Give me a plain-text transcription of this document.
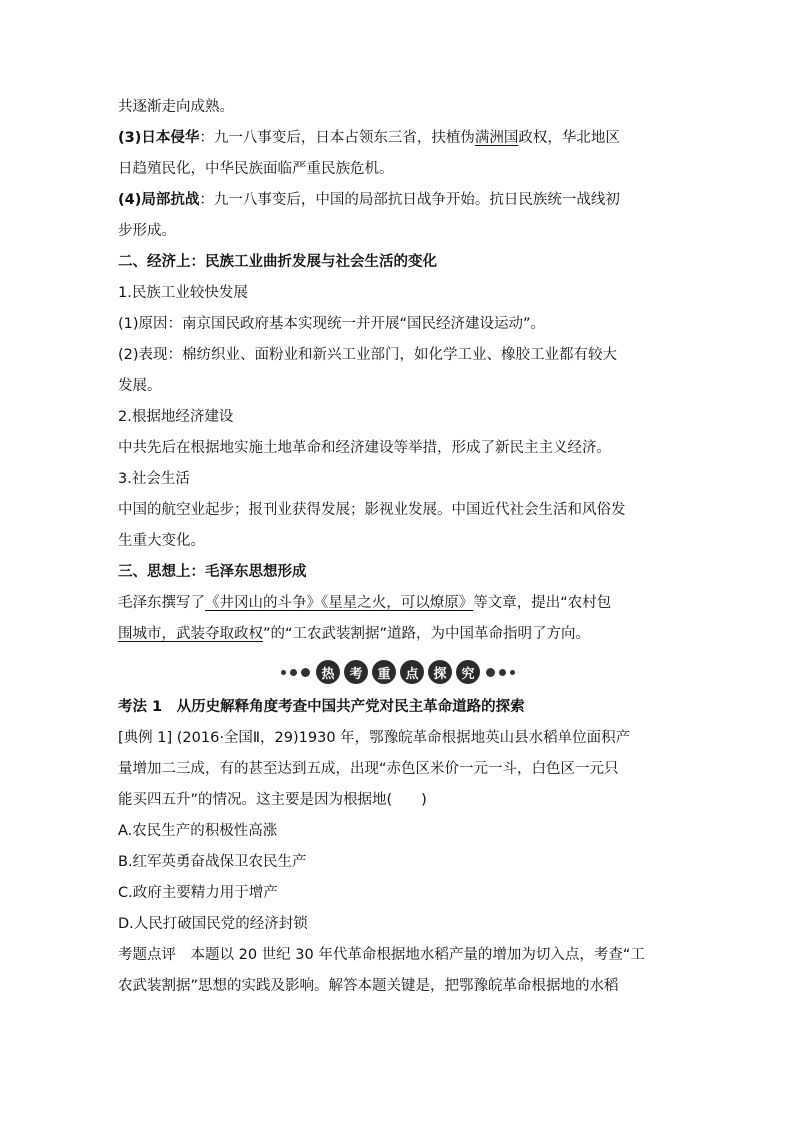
共逐渐走向成熟。
(3)日本侵华：九一八事变后，日本占领东三省，扶植伪满洲国政权，华北地区
日趋殖民化，中华民族面临严重民族危机。
(4)局部抗战：九一八事变后，中国的局部抗日战争开始。抗日民族统一战线初
步形成。
二、经济上：民族工业曲折发展与社会生活的变化
1.民族工业较快发展
(1)原因：南京国民政府基本实现统一并开展“国民经济建设运动”。
(2)表现：棉纺织业、面粉业和新兴工业部门，如化学工业、橡胶工业都有较大
发展。
2.根据地经济建设
中共先后在根据地实施土地革命和经济建设等举措，形成了新民主主义经济。
3.社会生活
中国的航空业起步；报刊业获得发展；影视业发展。中国近代社会生活和风俗发
生重大变化。
三、思想上：毛泽东思想形成
毛泽东撰写了《井冈山的斗争》《星星之火，可以燎原》等文章，提出“农村包
围城市，武装夺取政权”的“工农武装割据”道路，为中国革命指明了方向。
热	考	重	点	探	究
考法 1　从历史解释角度考查中国共产党对民主革命道路的探索
[典例 1] (2016·全国Ⅱ，29)1930 年，鄂豫皖革命根据地英山县水稻单位面积产
量增加二三成，有的甚至达到五成，出现“赤色区米价一元一斗，白色区一元只
能买四五升”的情况。这主要是因为根据地(　　)
A.农民生产的积极性高涨
B.红军英勇奋战保卫农民生产
C.政府主要精力用于增产
D.人民打破国民党的经济封锁
考题点评　本题以 20 世纪 30 年代革命根据地水稻产量的增加为切入点，考查“工
农武装割据”思想的实践及影响。解答本题关键是，把鄂豫皖革命根据地的水稻
